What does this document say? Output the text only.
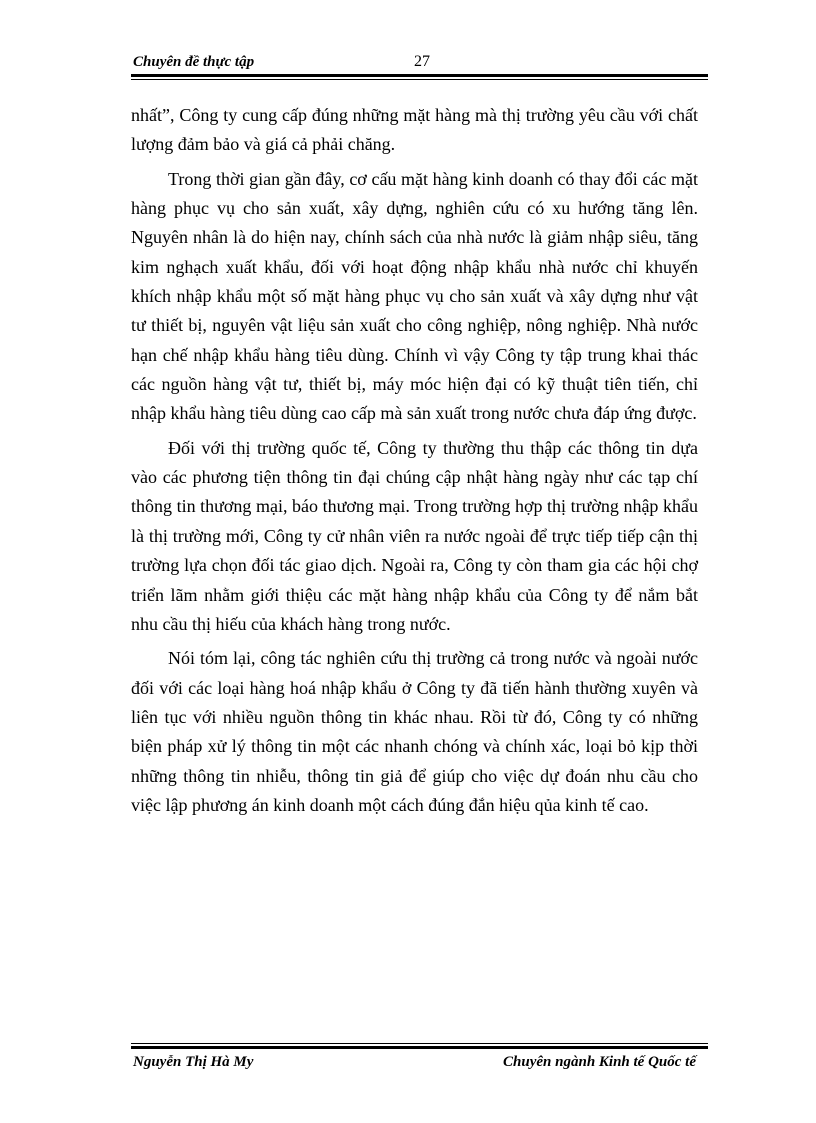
Chuyên đề thực tập	27

nhất”, Công ty cung cấp đúng những mặt hàng mà thị trường yêu cầu với chất lượng đảm bảo và giá cả phải chăng.

Trong thời gian gần đây, cơ cấu mặt hàng kinh doanh có thay đổi các mặt hàng phục vụ cho sản xuất, xây dựng, nghiên cứu có xu hướng tăng lên. Nguyên nhân là do hiện nay, chính sách của nhà nước là giảm nhập siêu, tăng kim nghạch xuất khẩu, đối với hoạt động nhập khẩu nhà nước chỉ khuyến khích nhập khẩu một số mặt hàng phục vụ cho sản xuất và xây dựng như vật tư thiết bị, nguyên vật liệu sản xuất cho công nghiệp, nông nghiệp. Nhà nước hạn chế nhập khẩu hàng tiêu dùng. Chính vì vậy Công ty tập trung khai thác các nguồn hàng vật tư, thiết bị, máy móc hiện đại có kỹ thuật tiên tiến, chỉ nhập khẩu hàng tiêu dùng cao cấp mà sản xuất trong nước chưa đáp ứng được.

Đối với thị trường quốc tế, Công ty thường thu thập các thông tin dựa vào các phương tiện thông tin đại chúng cập nhật hàng ngày như các tạp chí thông tin thương mại, báo thương mại. Trong trường hợp thị trường nhập khẩu là thị trường mới, Công ty cử nhân viên ra nước ngoài để trực tiếp tiếp cận thị trường lựa chọn đối tác giao dịch. Ngoài ra, Công ty còn tham gia các hội chợ triển lãm nhằm giới thiệu các mặt hàng nhập khẩu của Công ty để nắm bắt nhu cầu thị hiếu của khách hàng trong nước.

Nói tóm lại, công tác nghiên cứu thị trường cả trong nước và ngoài nước đối với các loại hàng hoá nhập khẩu ở Công ty đã tiến hành thường xuyên và liên tục với nhiều nguồn thông tin khác nhau. Rồi từ đó, Công ty có những biện pháp xử lý thông tin một các nhanh chóng và chính xác, loại bỏ kịp thời những thông tin nhiễu, thông tin giả để giúp cho việc dự đoán nhu cầu cho việc lập phương án kinh doanh một cách đúng đắn hiệu qủa kinh tế cao.

Nguyễn Thị Hà My	Chuyên ngành Kinh tế Quốc tế
